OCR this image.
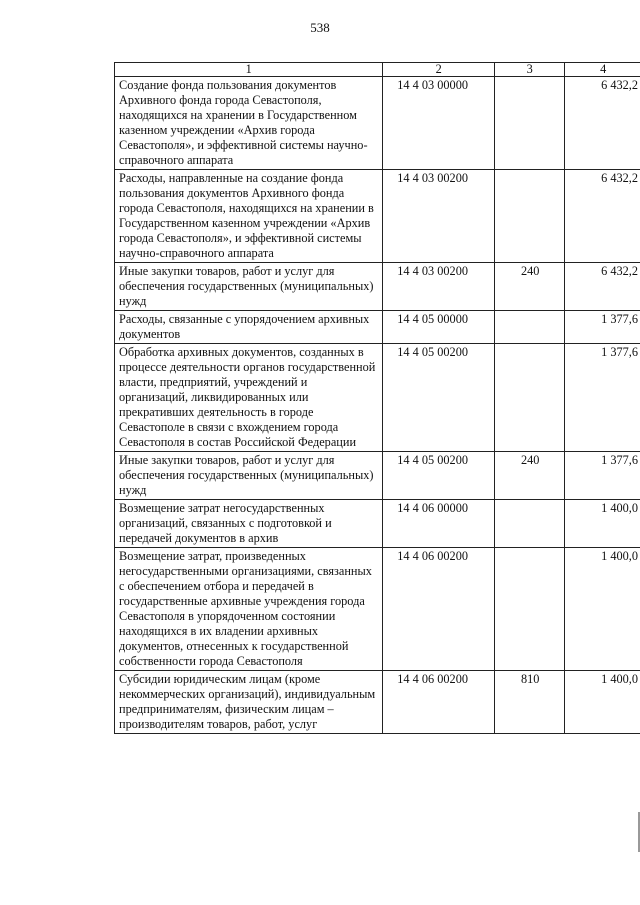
538
1	2	3	4
Создание фонда пользования документов Архивного фонда города Севастополя, находящихся на хранении в Государственном казенном учреждении «Архив города Севастополя», и эффективной системы научно-справочного аппарата	14 4 03 00000		6 432,2
Расходы, направленные на создание фонда пользования документов Архивного фонда города Севастополя, находящихся на хранении в Государственном казенном учреждении «Архив города Севастополя», и эффективной системы научно-справочного аппарата	14 4 03 00200		6 432,2
Иные закупки товаров, работ и услуг для обеспечения государственных (муниципальных) нужд	14 4 03 00200	240	6 432,2
Расходы, связанные с упорядочением архивных документов	14 4 05 00000		1 377,6
Обработка архивных документов, созданных в процессе деятельности органов государственной власти, предприятий, учреждений и организаций, ликвидированных или прекративших деятельность в городе Севастополе в связи с вхождением города Севастополя в состав Российской Федерации	14 4 05 00200		1 377,6
Иные закупки товаров, работ и услуг для обеспечения государственных (муниципальных) нужд	14 4 05 00200	240	1 377,6
Возмещение затрат негосударственных организаций, связанных с подготовкой и передачей документов в архив	14 4 06 00000		1 400,0
Возмещение затрат, произведенных негосударственными организациями, связанных с обеспечением отбора и передачей в государственные архивные учреждения города Севастополя в упорядоченном состоянии находящихся в их владении архивных документов, отнесенных к государственной собственности города Севастополя	14 4 06 00200		1 400,0
Субсидии юридическим лицам (кроме некоммерческих организаций), индивидуальным предпринимателям, физическим лицам – производителям товаров, работ, услуг	14 4 06 00200	810	1 400,0
